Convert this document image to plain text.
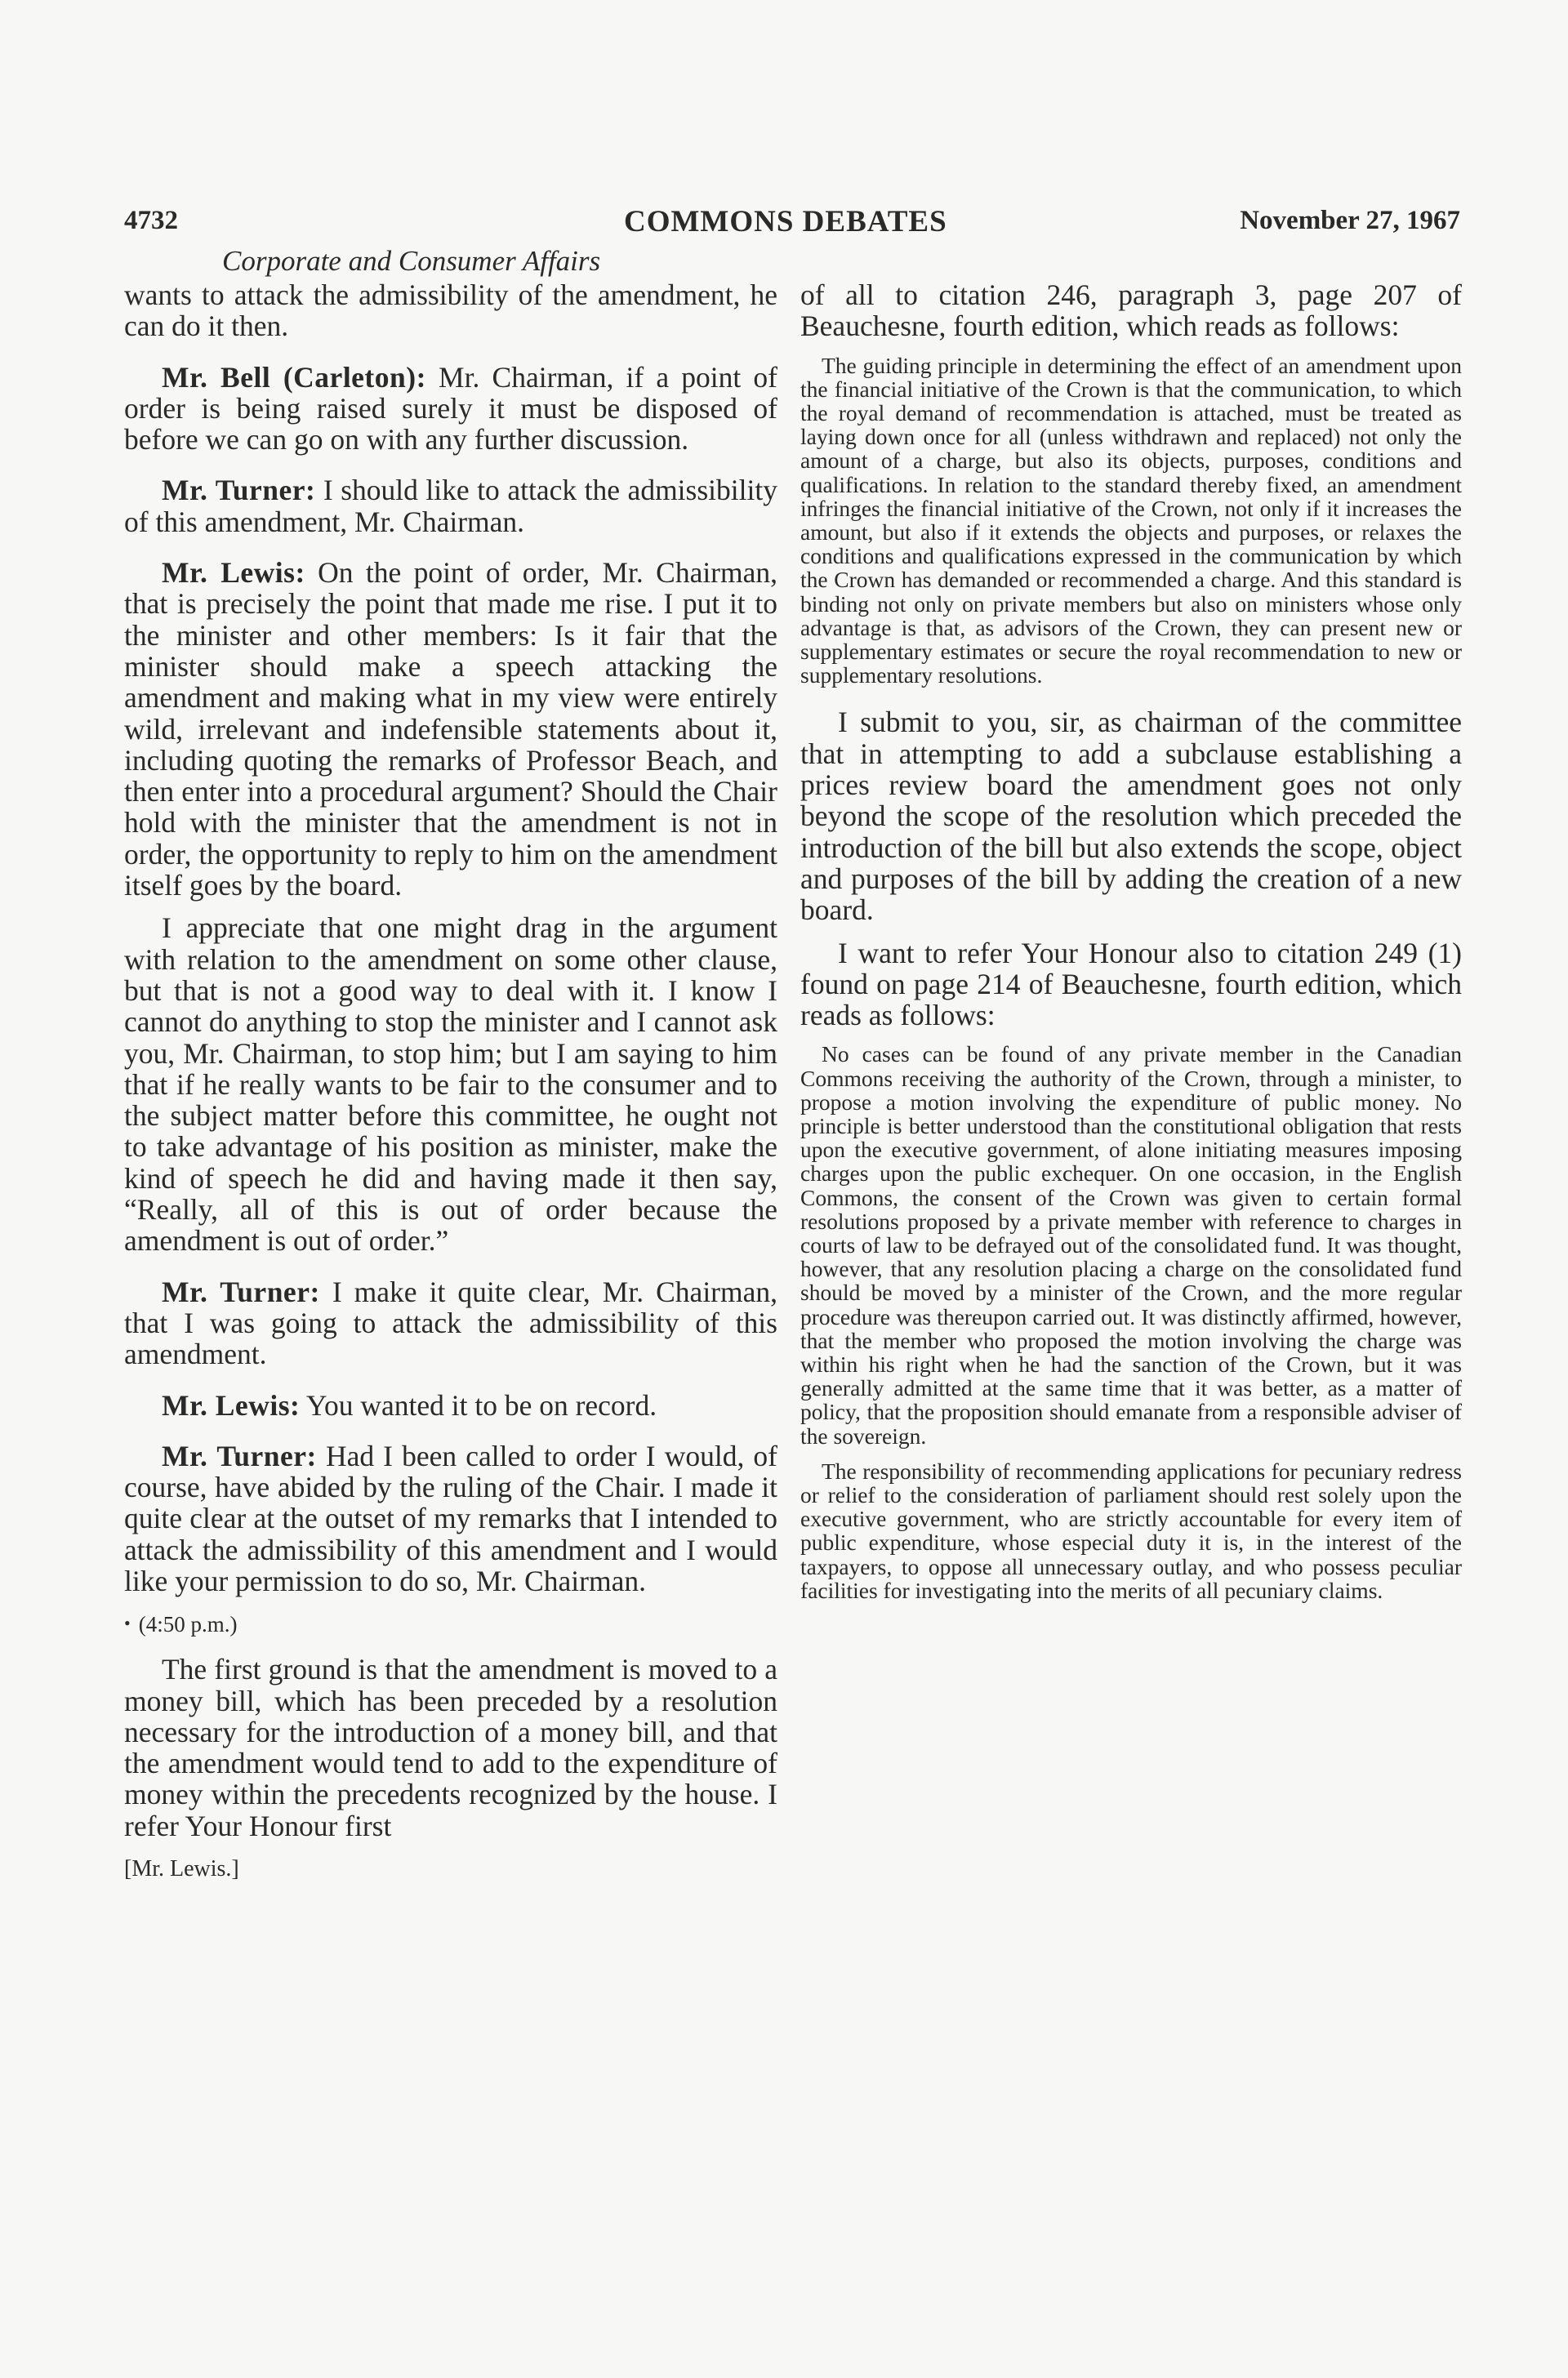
4732	COMMONS DEBATES	November 27, 1967
Corporate and Consumer Affairs

wants to attack the admissibility of the amendment, he can do it then.

Mr. Bell (Carleton): Mr. Chairman, if a point of order is being raised surely it must be disposed of before we can go on with any further discussion.

Mr. Turner: I should like to attack the admissibility of this amendment, Mr. Chairman.

Mr. Lewis: On the point of order, Mr. Chairman, that is precisely the point that made me rise. I put it to the minister and other members: Is it fair that the minister should make a speech attacking the amendment and making what in my view were entirely wild, irrelevant and indefensible statements about it, including quoting the remarks of Professor Beach, and then enter into a procedural argument? Should the Chair hold with the minister that the amendment is not in order, the opportunity to reply to him on the amendment itself goes by the board.

I appreciate that one might drag in the argument with relation to the amendment on some other clause, but that is not a good way to deal with it. I know I cannot do anything to stop the minister and I cannot ask you, Mr. Chairman, to stop him; but I am saying to him that if he really wants to be fair to the consumer and to the subject matter before this committee, he ought not to take advantage of his position as minister, make the kind of speech he did and having made it then say, “Really, all of this is out of order because the amendment is out of order.”

Mr. Turner: I make it quite clear, Mr. Chairman, that I was going to attack the admissibility of this amendment.

Mr. Lewis: You wanted it to be on record.

Mr. Turner: Had I been called to order I would, of course, have abided by the ruling of the Chair. I made it quite clear at the outset of my remarks that I intended to attack the admissibility of this amendment and I would like your permission to do so, Mr. Chairman.

• (4:50 p.m.)

The first ground is that the amendment is moved to a money bill, which has been preceded by a resolution necessary for the introduction of a money bill, and that the amendment would tend to add to the expenditure of money within the precedents recognized by the house. I refer Your Honour first

[Mr. Lewis.]

of all to citation 246, paragraph 3, page 207 of Beauchesne, fourth edition, which reads as follows:

The guiding principle in determining the effect of an amendment upon the financial initiative of the Crown is that the communication, to which the royal demand of recommendation is attached, must be treated as laying down once for all (unless withdrawn and replaced) not only the amount of a charge, but also its objects, purposes, conditions and qualifications. In relation to the standard thereby fixed, an amendment infringes the financial initiative of the Crown, not only if it increases the amount, but also if it extends the objects and purposes, or relaxes the conditions and qualifications expressed in the communication by which the Crown has demanded or recommended a charge. And this standard is binding not only on private members but also on ministers whose only advantage is that, as advisors of the Crown, they can present new or supplementary estimates or secure the royal recommendation to new or supplementary resolutions.

I submit to you, sir, as chairman of the committee that in attempting to add a subclause establishing a prices review board the amendment goes not only beyond the scope of the resolution which preceded the introduction of the bill but also extends the scope, object and purposes of the bill by adding the creation of a new board.

I want to refer Your Honour also to citation 249 (1) found on page 214 of Beauchesne, fourth edition, which reads as follows:

No cases can be found of any private member in the Canadian Commons receiving the authority of the Crown, through a minister, to propose a motion involving the expenditure of public money. No principle is better understood than the constitutional obligation that rests upon the executive government, of alone initiating measures imposing charges upon the public exchequer. On one occasion, in the English Commons, the consent of the Crown was given to certain formal resolutions proposed by a private member with reference to charges in courts of law to be defrayed out of the consolidated fund. It was thought, however, that any resolution placing a charge on the consolidated fund should be moved by a minister of the Crown, and the more regular procedure was thereupon carried out. It was distinctly affirmed, however, that the member who proposed the motion involving the charge was within his right when he had the sanction of the Crown, but it was generally admitted at the same time that it was better, as a matter of policy, that the proposition should emanate from a responsible adviser of the sovereign.

The responsibility of recommending applications for pecuniary redress or relief to the consideration of parliament should rest solely upon the executive government, who are strictly accountable for every item of public expenditure, whose especial duty it is, in the interest of the taxpayers, to oppose all unnecessary outlay, and who possess peculiar facilities for investigating into the merits of all pecuniary claims.
